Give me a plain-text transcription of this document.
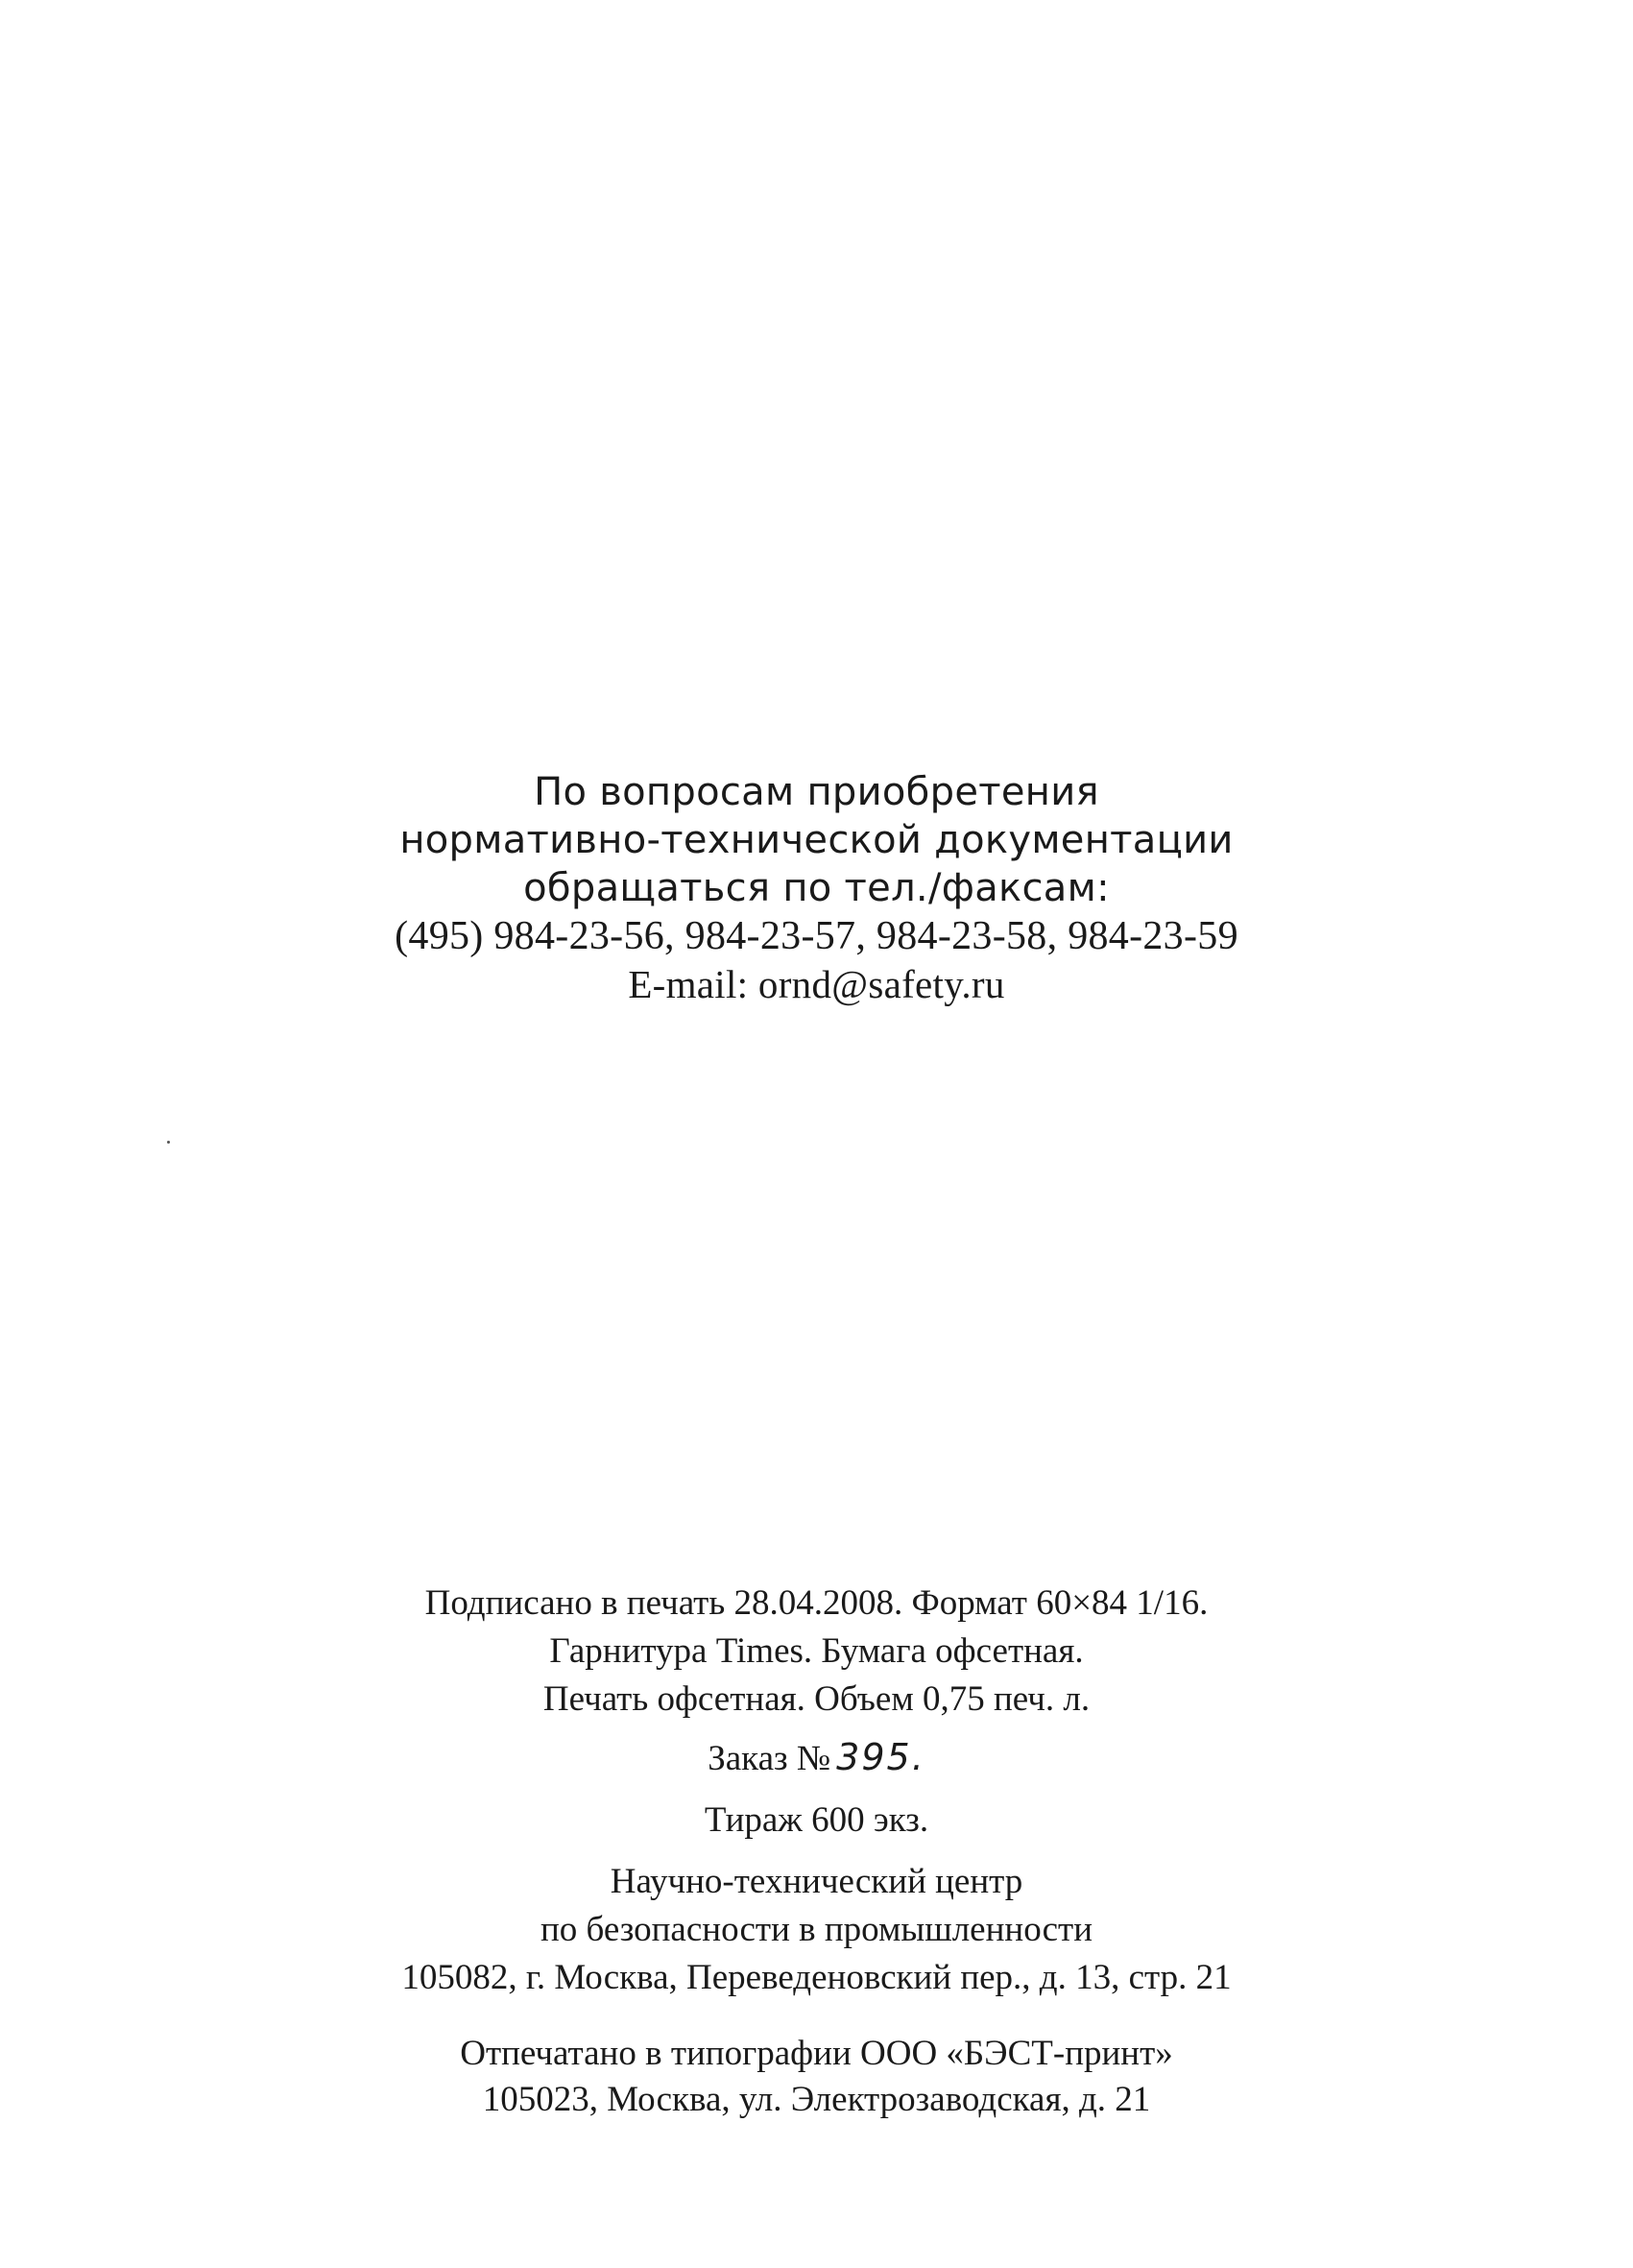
По вопросам приобретения
нормативно-технической документации
обращаться по тел./факсам:
(495) 984-23-56, 984-23-57, 984-23-58, 984-23-59
E-mail: ornd@safety.ru
Подписано в печать 28.04.2008. Формат 60×84 1/16.
Гарнитура Times. Бумага офсетная.
Печать офсетная. Объем 0,75 печ. л.
Заказ № 395.
Тираж 600 экз.
Научно-технический центр
по безопасности в промышленности
105082, г. Москва, Переведеновский пер., д. 13, стр. 21
Отпечатано в типографии ООО «БЭСТ-принт»
105023, Москва, ул. Электрозаводская, д. 21
